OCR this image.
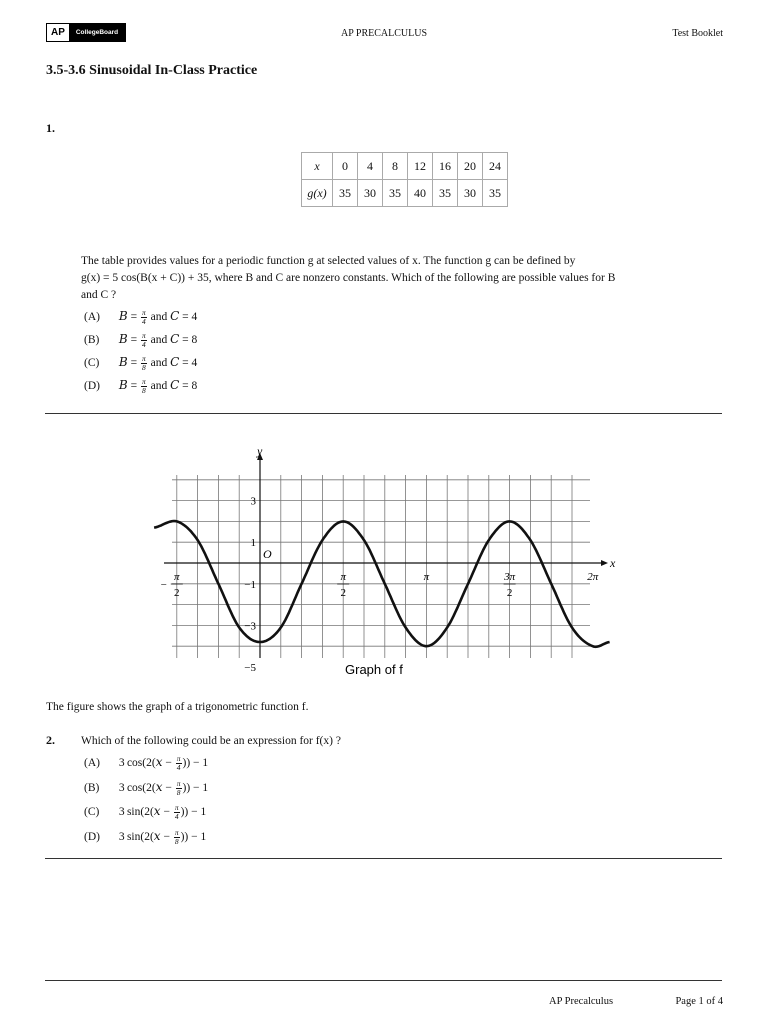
AP	CollegeBoard	AP PRECALCULUS	Test Booklet
3.5-3.6 Sinusoidal In-Class Practice
1.
x	0	4	8	12	16	20	24
g(x)	35	30	35	40	35	30	35
The table provides values for a periodic function g at selected values of x. The function g can be defined by
g(x) = 5 cos(B(x + C)) + 35, where B and C are nonzero constants. Which of the following are possible values for B
and C ?
(A) $B = \frac{\pi}{4}$ and C = 4
(B) $B = \frac{\pi}{4}$ and C = 8
(C) $B = \frac{\pi}{8}$ and C = 4
(D) $B = \frac{\pi}{8}$ and C = 8
3
1
−1
−3
−5
π
2
−
π
2
π	3π
2
2π
y
x
O
Graph of f
The figure shows the graph of a trigonometric function f.
2. Which of the following could be an expression for f(x) ?
(A) 3  $\cos(2(x - \frac{\pi}{4}$ )) − 1
(B) 3  $\cos(2(x - \frac{\pi}{8}$ )) − 1
(C) 3  $\sin(2(x - \frac{\pi}{4}$ )) − 1
(D) 3  $\sin(2(x - \frac{\pi}{8}$ )) − 1
AP Precalculus	Page 1 of 4
